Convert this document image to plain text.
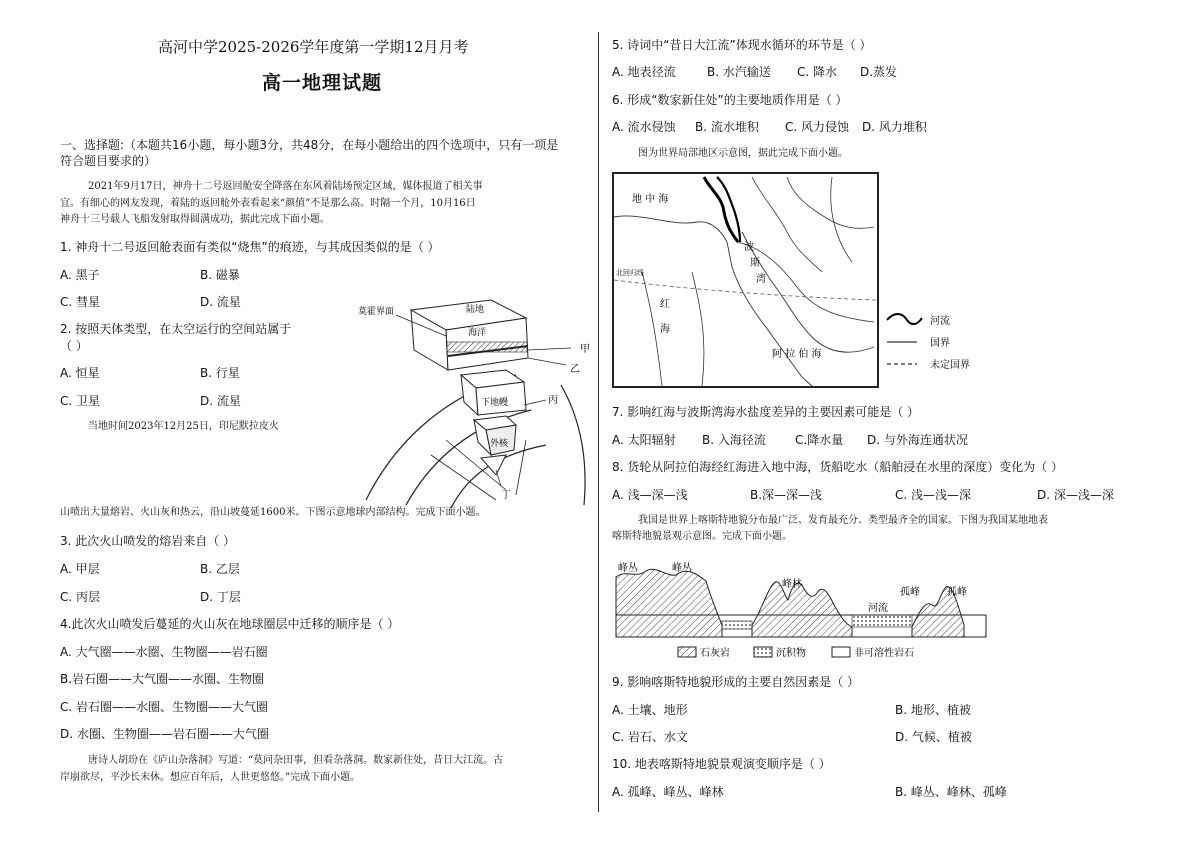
高河中学2025-2026学年度第一学期12月月考
高一地理试题
一、选择题:（本题共16小题，每小题3分，共48分，在每小题给出的四个选项中，只有一项是
符合题目要求的）
2021年9月17日，神舟十二号返回舱安全降落在东风着陆场预定区域，媒体报道了相关事
宜。有细心的网友发现，着陆的返回舱外表看起来“颜值”不是那么高。时隔一个月，10月16日
神舟十三号载人飞船发射取得圆满成功，据此完成下面小题。
1. 神舟十二号返回舱表面有类似“烧焦”的痕迹，与其成因类似的是（ ）
A. 黑子	B. 磁暴
C. 彗星	D. 流星
2. 按照天体类型，在太空运行的空间站属于
（ ）
A. 恒星	B. 行星
C. 卫星	D. 流星
当地时间2023年12月25日，印尼默拉皮火
莫霍界面	陆地
海洋
甲
乙
下地幔	丙
外核
丁
山喷出大量熔岩、火山灰和热云，沿山坡蔓延1600米。下图示意地球内部结构。完成下面小题。
3. 此次火山喷发的熔岩来自（ ）
A. 甲层	B. 乙层
C. 丙层	D. 丁层
4.此次火山喷发后蔓延的火山灰在地球圈层中迁移的顺序是（ ）
A. 大气圈——水圈、生物圈——岩石圈
B.岩石圈——大气圈——水圈、生物圈
C. 岩石圈——水圈、生物圈——大气圈
D. 水圈、生物圈——岩石圈——大气圈
唐诗人胡玢在《庐山杂落洞》写道：“莫问杂田事，但看杂落洞。数家新住处，昔日大江流。古
岸崩欲尽，平沙长未休。想应百年后，人世更悠悠。”完成下面小题。
5. 诗词中“昔日大江流”体现水循环的环节是（ ）
A. 地表径流	B. 水汽输送 C. 降水 D.蒸发
6. 形成“数家新住处”的主要地质作用是（ ）
A. 流水侵蚀 B. 流水堆积 C. 风力侵蚀 D. 风力堆积
图为世界局部地区示意图，据此完成下面小题。
地 中 海
波
斯
湾
北回归线
红
海
阿 拉 伯 海
河流
国界
未定国界
7. 影响红海与波斯湾海水盐度差异的主要因素可能是（ ）
A. 太阳辐射 B. 入海径流 C.降水量 D. 与外海连通状况
8. 货轮从阿拉伯海经红海进入地中海，货船吃水（船舶浸在水里的深度）变化为（ ）
A. 浅—深—浅	B.深—深—浅	C. 浅—浅—深	D. 深—浅—深
我国是世界上喀斯特地貌分布最广泛、发育最充分、类型最齐全的国家。下图为我国某地地表
喀斯特地貌景观示意图。完成下面小题。
峰丛	峰丛
峰林
河流
孤峰	孤峰
石灰岩	沉积物	非可溶性岩石
9. 影响喀斯特地貌形成的主要自然因素是（ ）
A. 土壤、地形	B. 地形、植被
C. 岩石、水文	D. 气候、植被
10. 地表喀斯特地貌景观演变顺序是（ ）
A. 孤峰、峰丛、峰林	B. 峰丛、峰林、孤峰
